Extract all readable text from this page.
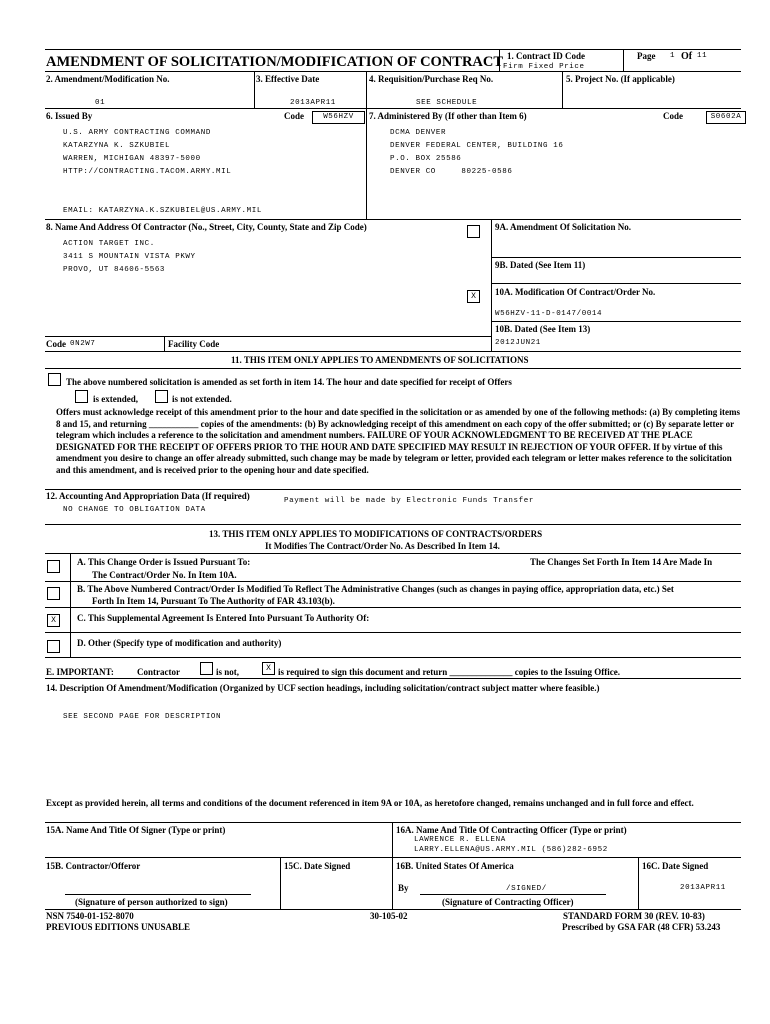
AMENDMENT OF SOLICITATION/MODIFICATION OF CONTRACT 1. Contract ID Code
Firm Fixed Price
Page 1 Of 11
2. Amendment/Modification No.
01
3. Effective Date
2013APR11
4. Requisition/Purchase Req No.
SEE SCHEDULE
5. Project No. (If applicable)
6. Issued By	Code	W56HZV
U.S. ARMY CONTRACTING COMMAND
KATARZYNA K. SZKUBIEL
WARREN, MICHIGAN 48397-5000
HTTP://CONTRACTING.TACOM.ARMY.MIL
EMAIL: KATARZYNA.K.SZKUBIEL@US.ARMY.MIL
7. Administered By (If other than Item 6)	Code	S0602A
DCMA DENVER
DENVER FEDERAL CENTER, BUILDING 16
P.O. BOX 25586
DENVER CO     80225-0586
8. Name And Address Of Contractor (No., Street, City, County, State and Zip Code)
ACTION TARGET INC.
3411 S MOUNTAIN VISTA PKWY
PROVO, UT 84606-5563
Code 0N2W7	Facility Code
9A. Amendment Of Solicitation No.
9B. Dated (See Item 11)
X	10A. Modification Of Contract/Order No.
W56HZV-11-D-0147/0014
10B. Dated (See Item 13)
2012JUN21
11. THIS ITEM ONLY APPLIES TO AMENDMENTS OF SOLICITATIONS
The above numbered solicitation is amended as set forth in item 14. The hour and date specified for receipt of Offers
is extended,	is not extended.
Offers must acknowledge receipt of this amendment prior to the hour and date specified in the solicitation or as amended by one of the following methods: (a) By completing items 8 and 15, and returning ___________ copies of the amendments: (b) By acknowledging receipt of this amendment on each copy of the offer submitted; or (c) By separate letter or telegram which includes a reference to the solicitation and amendment numbers. FAILURE OF YOUR ACKNOWLEDGMENT TO BE RECEIVED AT THE PLACE DESIGNATED FOR THE RECEIPT OF OFFERS PRIOR TO THE HOUR AND DATE SPECIFIED MAY RESULT IN REJECTION OF YOUR OFFER. If by virtue of this amendment you desire to change an offer already submitted, such change may be made by telegram or letter, provided each telegram or letter makes reference to the solicitation and this amendment, and is received prior to the opening hour and date specified.
12. Accounting And Appropriation Data (If required)	Payment will be made by Electronic Funds Transfer
NO CHANGE TO OBLIGATION DATA
13. THIS ITEM ONLY APPLIES TO MODIFICATIONS OF CONTRACTS/ORDERS
It Modifies The Contract/Order No. As Described In Item 14.
A. This Change Order is Issued Pursuant To:	The Changes Set Forth In Item 14 Are Made In
The Contract/Order No. In Item 10A.
B. The Above Numbered Contract/Order Is Modified To Reflect The Administrative Changes (such as changes in paying office, appropriation data, etc.) Set
Forth In Item 14, Pursuant To The Authority of FAR 43.103(b).
X	C. This Supplemental Agreement Is Entered Into Pursuant To Authority Of:
D. Other (Specify type of modification and authority)
E. IMPORTANT:	Contractor	is not,	X is required to sign this document and return ______________ copies to the Issuing Office.
14. Description Of Amendment/Modification (Organized by UCF section headings, including solicitation/contract subject matter where feasible.)
SEE SECOND PAGE FOR DESCRIPTION
Except as provided herein, all terms and conditions of the document referenced in item 9A or 10A, as heretofore changed, remains unchanged and in full force and effect.
15A. Name And Title Of Signer (Type or print)	16A. Name And Title Of Contracting Officer (Type or print)
LAWRENCE R. ELLENA
LARRY.ELLENA@US.ARMY.MIL (586)282-6952
15B. Contractor/Offeror	15C. Date Signed	16B. United States Of America	16C. Date Signed
(Signature of person authorized to sign)
By	/SIGNED/
(Signature of Contracting Officer)
2013APR11
NSN 7540-01-152-8070
PREVIOUS EDITIONS UNUSABLE
30-105-02	STANDARD FORM 30 (REV. 10-83)
Prescribed by GSA FAR (48 CFR) 53.243
